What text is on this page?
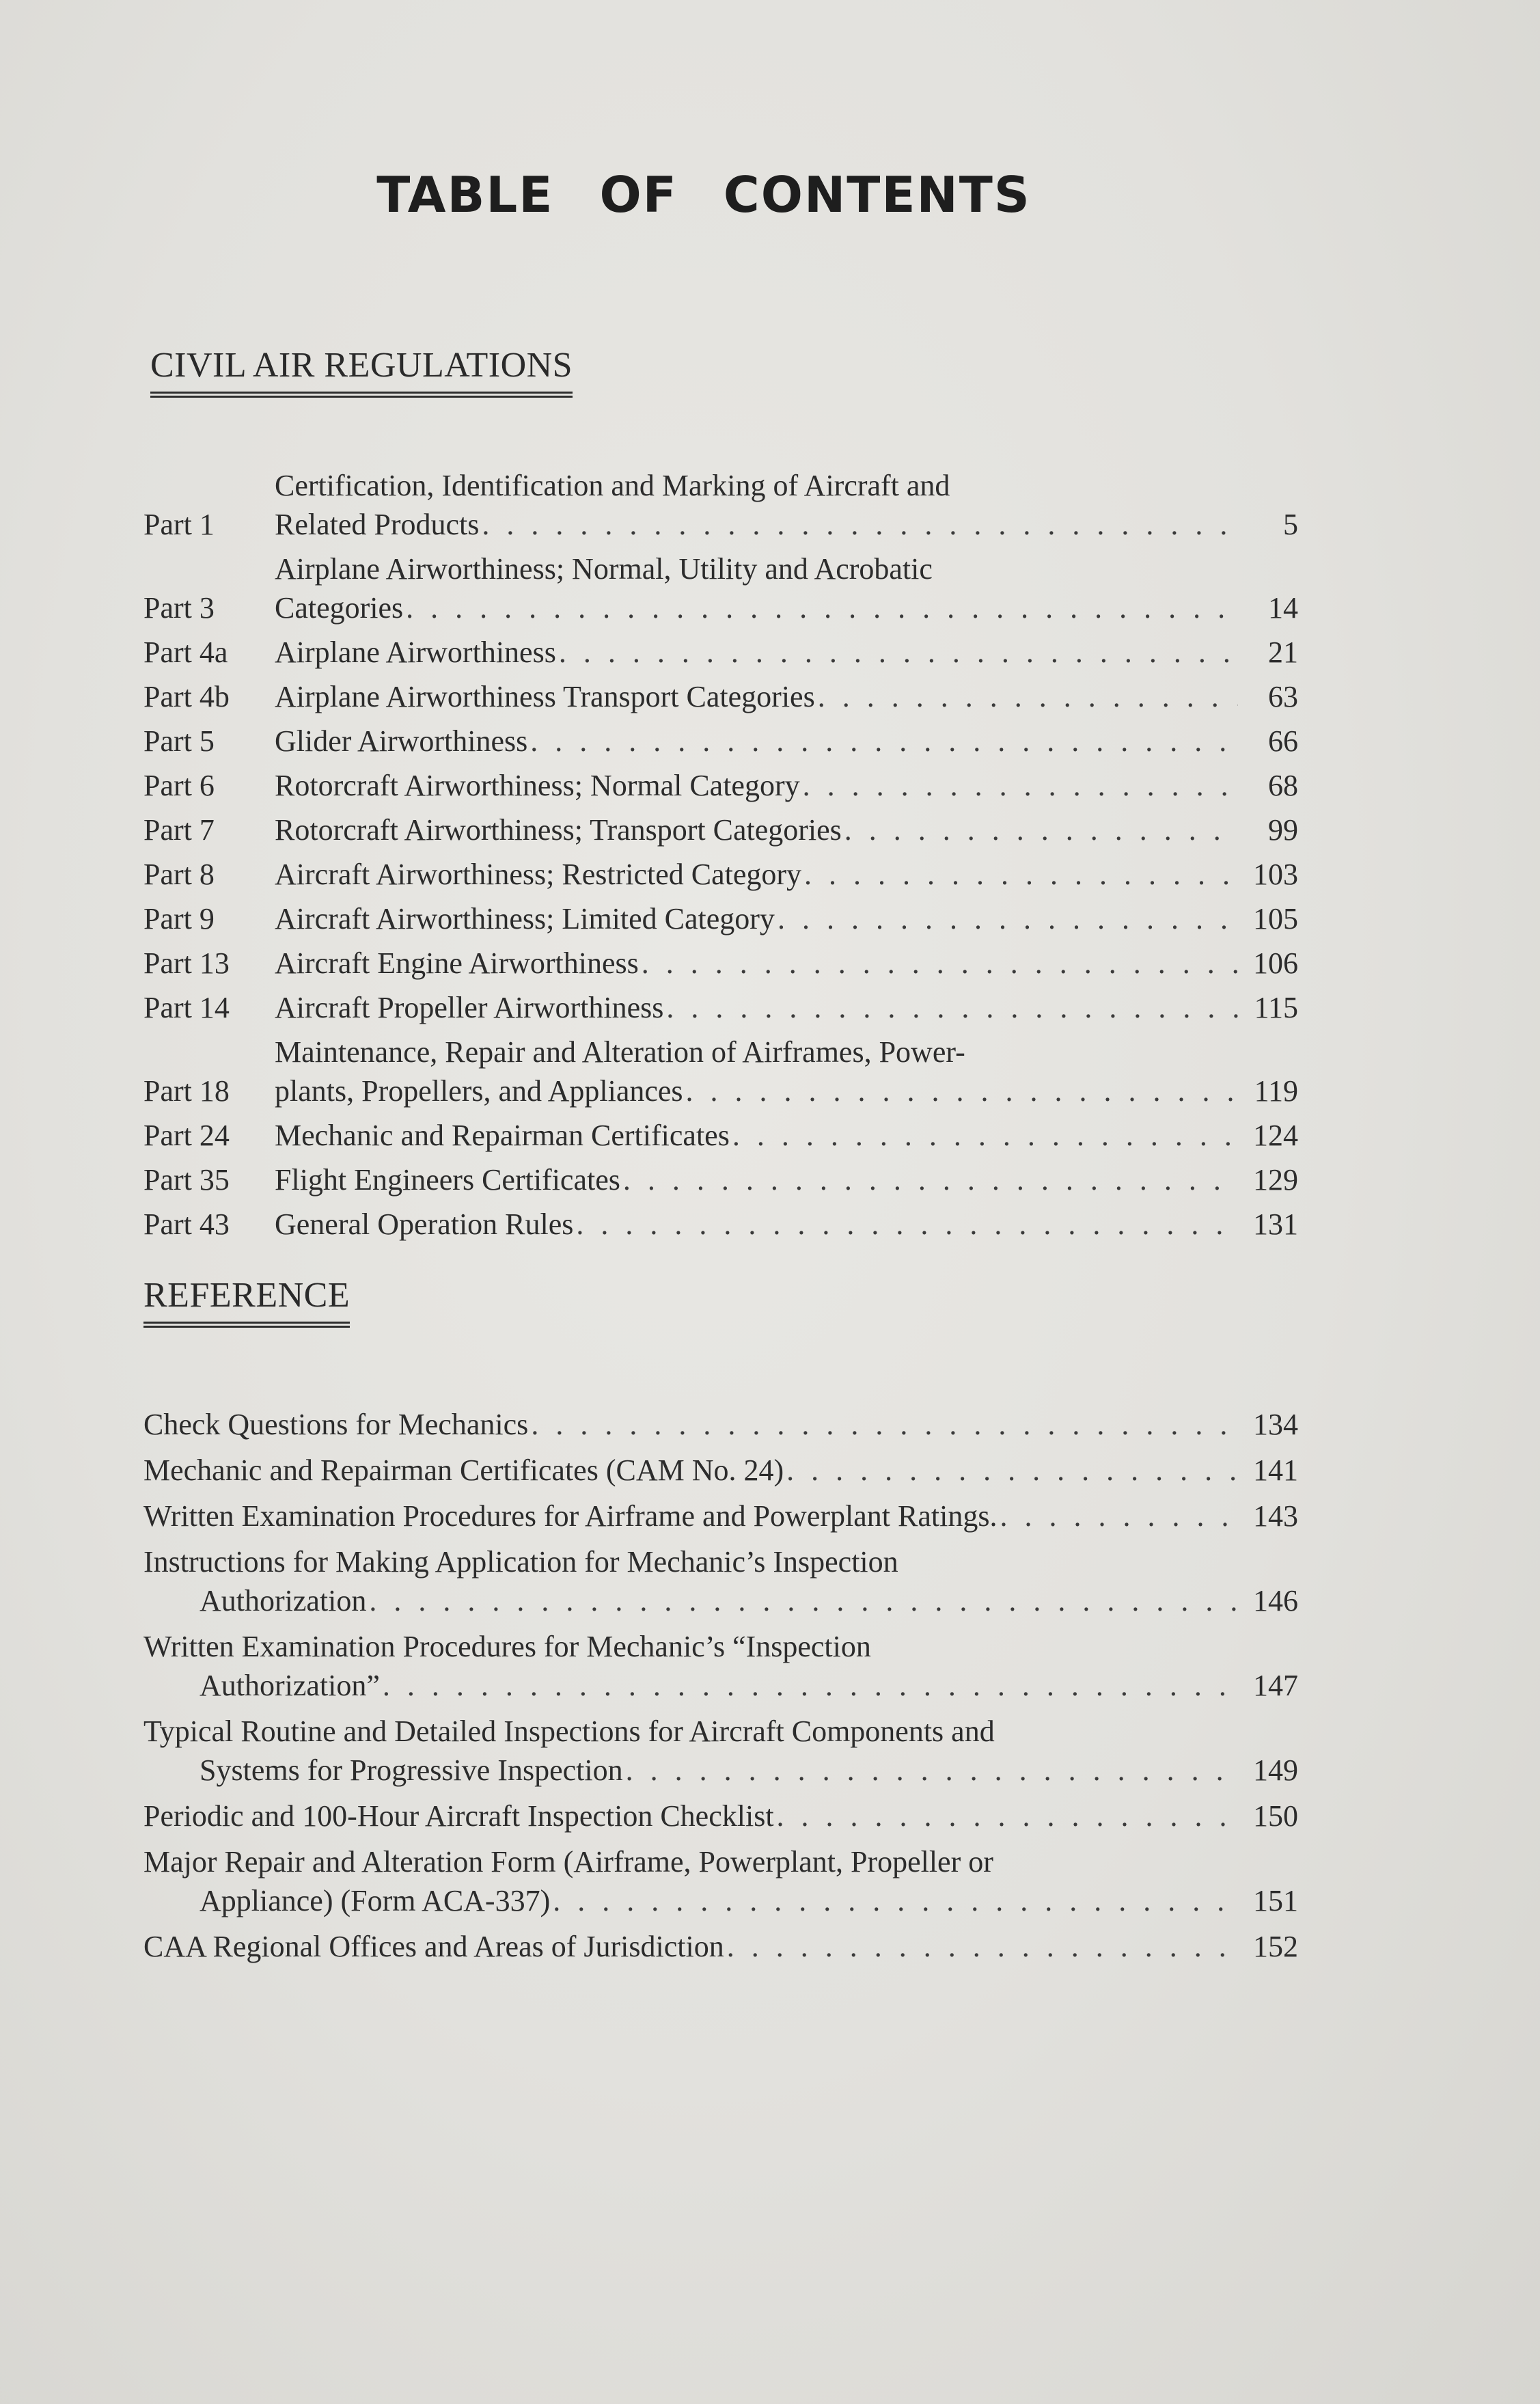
TABLE OF CONTENTS
CIVIL AIR REGULATIONS
Part 1
Certification, Identification and Marking of Aircraft and
Related Products . . .	5
Part 3
Airplane Airworthiness; Normal, Utility and Acrobatic
Categories . . .	14
Part 4a	Airplane Airworthiness . . .	21
Part 4b	Airplane Airworthiness Transport Categories . . .	63
Part 5	Glider Airworthiness . . .	66
Part 6	Rotorcraft Airworthiness; Normal Category . . .	68
Part 7	Rotorcraft Airworthiness; Transport Categories . . .	99
Part 8	Aircraft Airworthiness; Restricted Category . . .	103
Part 9	Aircraft Airworthiness; Limited Category . . .	105
Part 13	Aircraft Engine Airworthiness . . .	106
Part 14	Aircraft Propeller Airworthiness . . .	115
Part 18
Maintenance, Repair and Alteration of Airframes, Power-
plants, Propellers, and Appliances . . .	119
Part 24	Mechanic and Repairman Certificates . . .	124
Part 35	Flight Engineers Certificates . . .	129
Part 43	General Operation Rules . . .	131
REFERENCE
Check Questions for Mechanics . . .	134
Mechanic and Repairman Certificates (CAM No. 24) . . .	141
Written Examination Procedures for Airframe and Powerplant Ratings. . . .	143
Instructions for Making Application for Mechanic’s Inspection
Authorization . . .	146
Written Examination Procedures for Mechanic’s “Inspection
Authorization” . . .	147
Typical Routine and Detailed Inspections for Aircraft Components and
Systems for Progressive Inspection . . .	149
Periodic and 100-Hour Aircraft Inspection Checklist . . .	150
Major Repair and Alteration Form (Airframe, Powerplant, Propeller or
Appliance) (Form ACA-337) . . .	151
CAA Regional Offices and Areas of Jurisdiction . . .	152
